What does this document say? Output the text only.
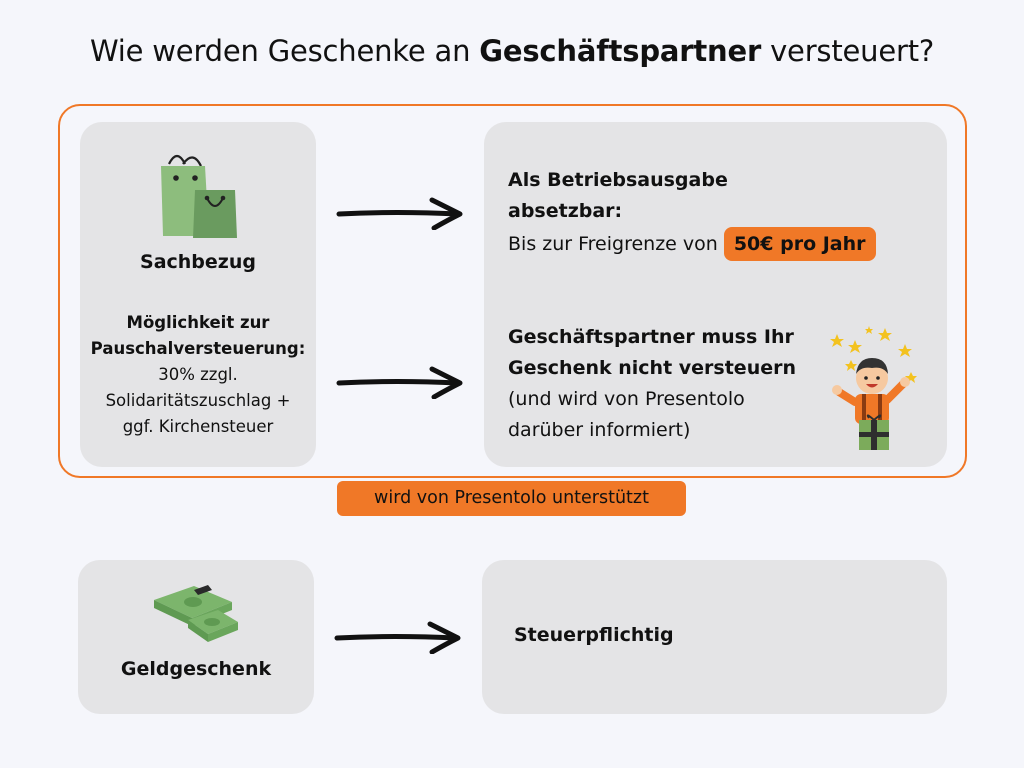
Wie werden Geschenke an Geschäftspartner versteuert?
Sachbezug
Möglichkeit zur
Pauschalversteuerung:
30% zzgl.
Solidaritätszuschlag +
ggf. Kirchensteuer
Als Betriebsausgabe
absetzbar:
Bis zur Freigrenze von 50€ pro Jahr
Geschäftspartner muss Ihr
Geschenk nicht versteuern
(und wird von Presentolo
darüber informiert)
wird von Presentolo unterstützt
Geldgeschenk
Steuerpflichtig
